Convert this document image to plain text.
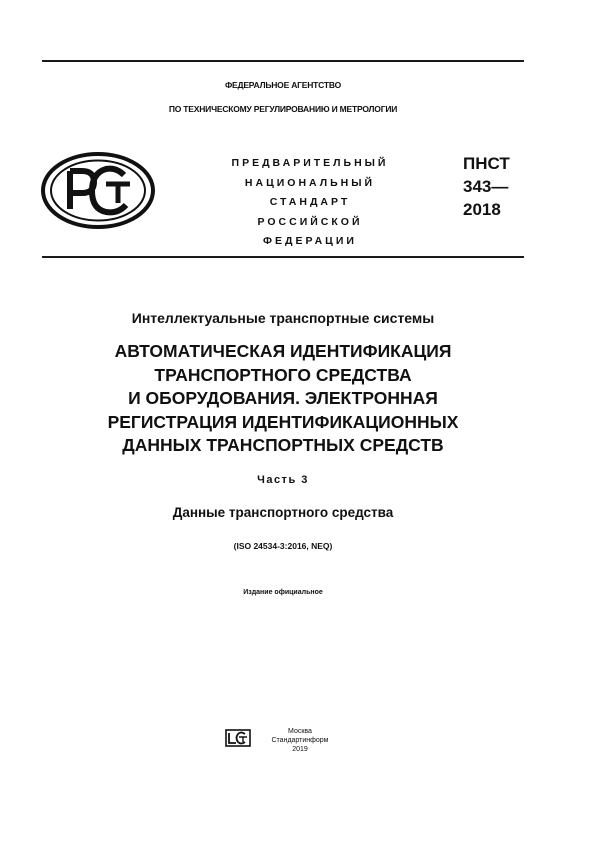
ФЕДЕРАЛЬНОЕ АГЕНТСТВО
ПО ТЕХНИЧЕСКОМУ РЕГУЛИРОВАНИЮ И МЕТРОЛОГИИ
ПРЕДВАРИТЕЛЬНЫЙ
НАЦИОНАЛЬНЫЙ
СТАНДАРТ
РОССИЙСКОЙ
ФЕДЕРАЦИИ
ПНСТ
343—
2018
Интеллектуальные транспортные системы
АВТОМАТИЧЕСКАЯ ИДЕНТИФИКАЦИЯ
ТРАНСПОРТНОГО СРЕДСТВА
И ОБОРУДОВАНИЯ. ЭЛЕКТРОННАЯ
РЕГИСТРАЦИЯ ИДЕНТИФИКАЦИОННЫХ
ДАННЫХ ТРАНСПОРТНЫХ СРЕДСТВ
Часть 3
Данные транспортного средства
(ISO 24534-3:2016, NEQ)
Издание официальное
Москва
Стандартинформ
2019
